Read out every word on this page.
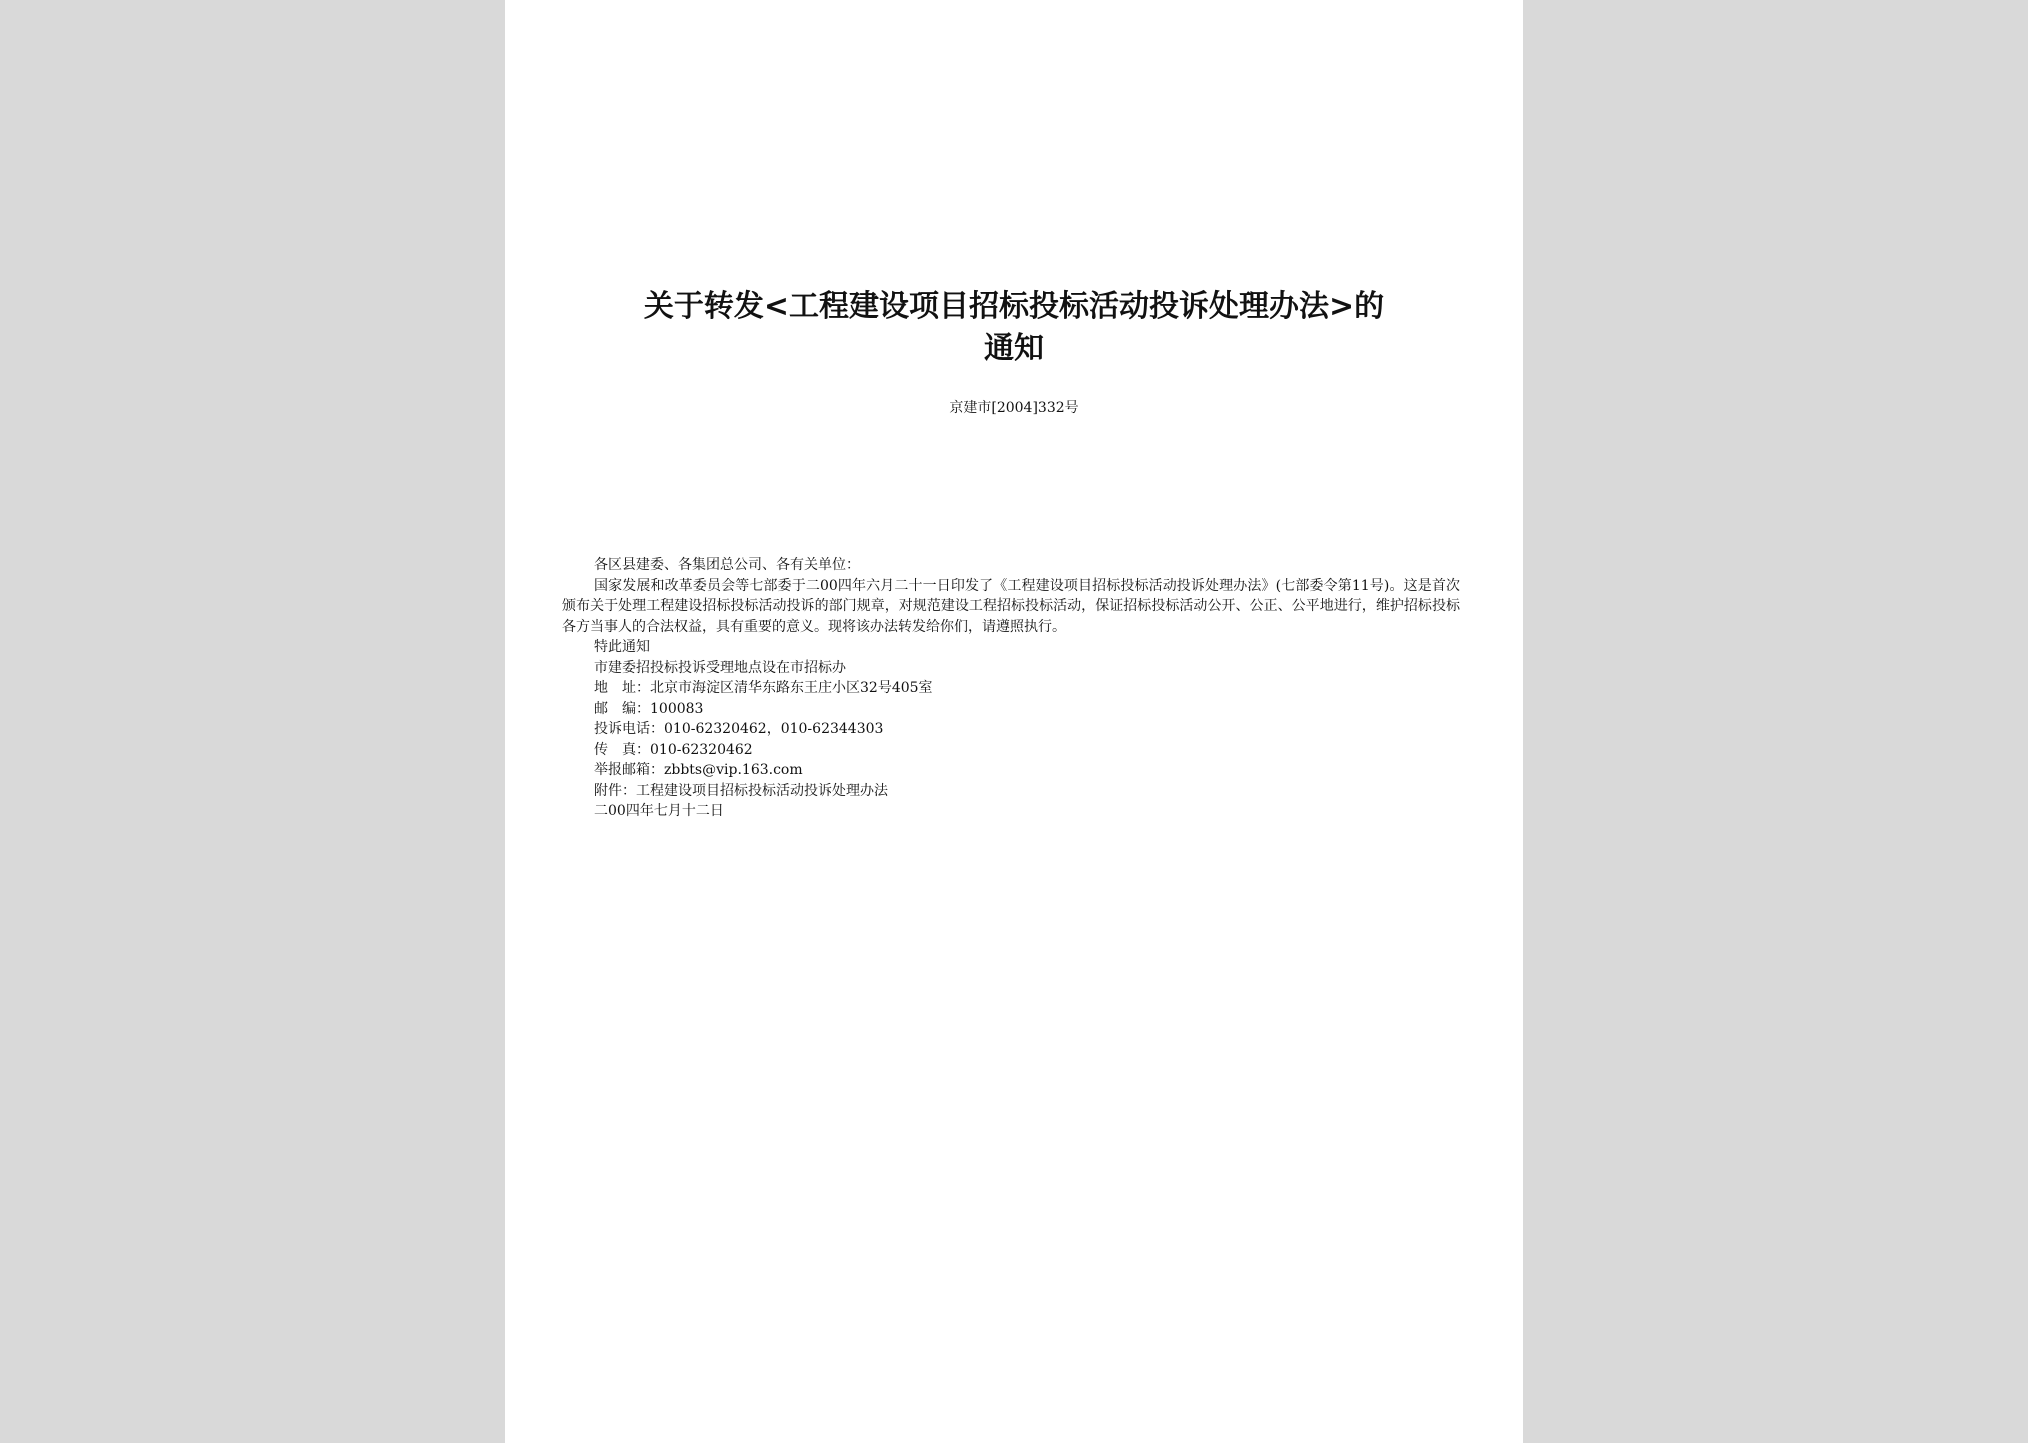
关于转发<工程建设项目招标投标活动投诉处理办法>的
通知
京建市[2004]332号

各区县建委、各集团总公司、各有关单位：

国家发展和改革委员会等七部委于二00四年六月二十一日印发了《工程建设项目招标投标活动投诉处理办法》(七部委令第11号)。这是首次颁布关于处理工程建设招标投标活动投诉的部门规章，对规范建设工程招标投标活动，保证招标投标活动公开、公正、公平地进行，维护招标投标各方当事人的合法权益，具有重要的意义。现将该办法转发给你们，请遵照执行。

特此通知

市建委招投标投诉受理地点设在市招标办

地　址：北京市海淀区清华东路东王庄小区32号405室

邮　编：100083

投诉电话：010-62320462，010-62344303

传　真：010-62320462

举报邮箱：zbbts@vip.163.com

附件：工程建设项目招标投标活动投诉处理办法

二00四年七月十二日
